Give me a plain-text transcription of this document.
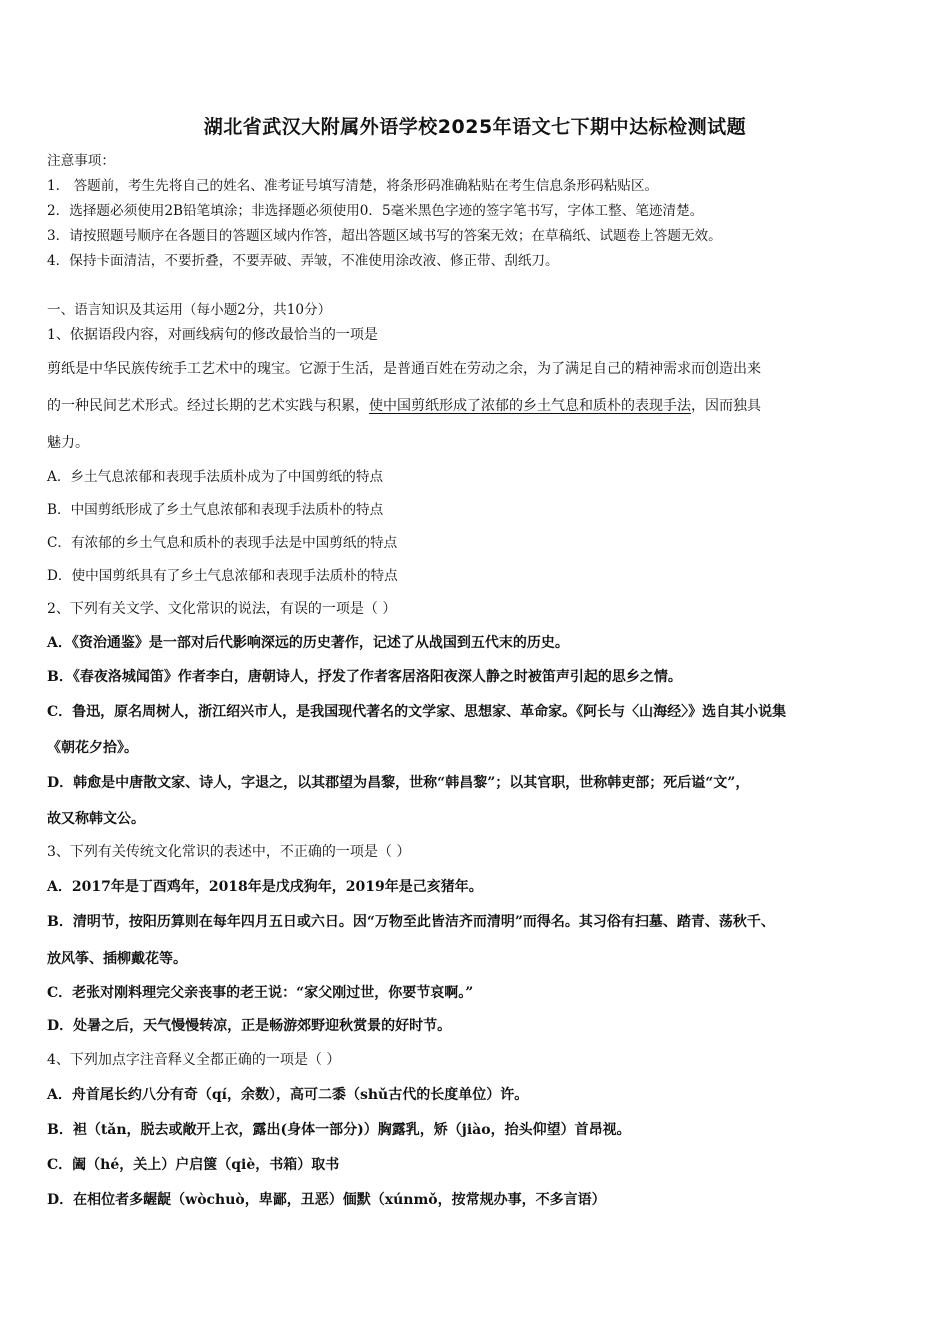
湖北省武汉大附属外语学校2025年语文七下期中达标检测试题
注意事项：
1． 答题前，考生先将自己的姓名、准考证号填写清楚，将条形码准确粘贴在考生信息条形码粘贴区。
2．选择题必须使用2B铅笔填涂；非选择题必须使用0．5毫米黑色字迹的签字笔书写，字体工整、笔迹清楚。
3．请按照题号顺序在各题目的答题区域内作答，超出答题区域书写的答案无效；在草稿纸、试题卷上答题无效。
4．保持卡面清洁，不要折叠，不要弄破、弄皱，不准使用涂改液、修正带、刮纸刀。
一、语言知识及其运用（每小题2分，共10分）
1、依据语段内容，对画线病句的修改最恰当的一项是
剪纸是中华民族传统手工艺术中的瑰宝。它源于生活，是普通百姓在劳动之余，为了满足自己的精神需求而创造出来
的一种民间艺术形式。经过长期的艺术实践与积累，使中国剪纸形成了浓郁的乡土气息和质朴的表现手法，因而独具
魅力。
A．乡土气息浓郁和表现手法质朴成为了中国剪纸的特点
B．中国剪纸形成了乡土气息浓郁和表现手法质朴的特点
C．有浓郁的乡土气息和质朴的表现手法是中国剪纸的特点
D．使中国剪纸具有了乡土气息浓郁和表现手法质朴的特点
2、下列有关文学、文化常识的说法，有误的一项是（ ）
A．《资治通鉴》是一部对后代影响深远的历史著作，记述了从战国到五代末的历史。
B．《春夜洛城闻笛》作者李白，唐朝诗人，抒发了作者客居洛阳夜深人静之时被笛声引起的思乡之情。
C．鲁迅，原名周树人，浙江绍兴市人，是我国现代著名的文学家、思想家、革命家。《阿长与〈山海经〉》选自其小说集
《朝花夕拾》。
D．韩愈是中唐散文家、诗人，字退之，以其郡望为昌黎，世称“韩昌黎”；以其官职，世称韩吏部；死后谥“文”，
故又称韩文公。
3、下列有关传统文化常识的表述中，不正确的一项是（ ）
A．2017年是丁酉鸡年，2018年是戊戌狗年，2019年是己亥猪年。
B．清明节，按阳历算则在每年四月五日或六日。因“万物至此皆洁齐而清明”而得名。其习俗有扫墓、踏青、荡秋千、
放风筝、插柳戴花等。
C．老张对刚料理完父亲丧事的老王说：“家父刚过世，你要节哀啊。”
D．处暑之后，天气慢慢转凉，正是畅游郊野迎秋赏景的好时节。
4、下列加点字注音释义全都正确的一项是（ ）
A．舟首尾长约八分有奇（qí，余数），高可二黍（shǔ古代的长度单位）许。
B．袒（tǎn，脱去或敞开上衣，露出(身体一部分)）胸露乳，矫（jiào，抬头仰望）首昂视。
C．阖（hé，关上）户启箧（qiè，书箱）取书
D．在相位者多龌龊（wòchuò，卑鄙，丑恶）偭默（xúnmǒ，按常规办事，不多言语）
